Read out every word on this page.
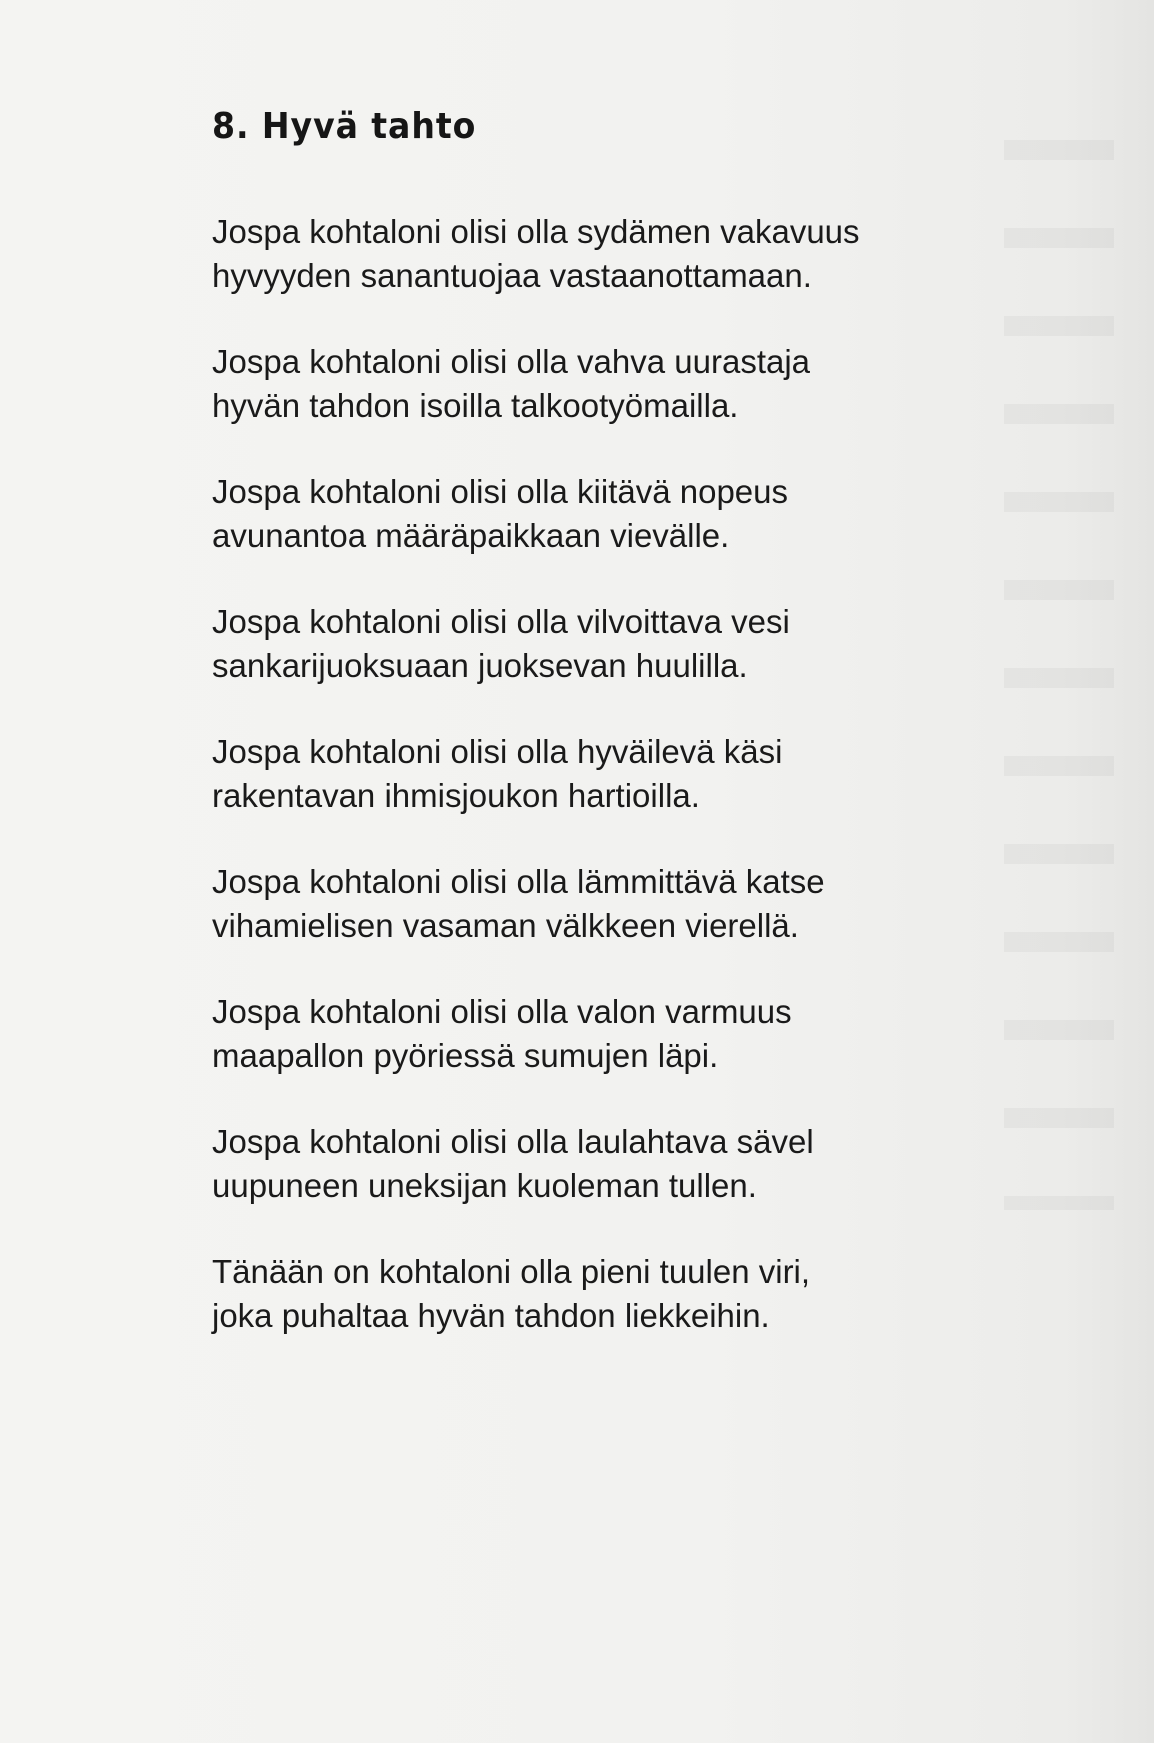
8. Hyvä tahto

Jospa kohtaloni olisi olla sydämen vakavuus
hyvyyden sanantuojaa vastaanottamaan.

Jospa kohtaloni olisi olla vahva uurastaja
hyvän tahdon isoilla talkootyömailla.

Jospa kohtaloni olisi olla kiitävä nopeus
avunantoa määräpaikkaan vievälle.

Jospa kohtaloni olisi olla vilvoittava vesi
sankarijuoksuaan juoksevan huulilla.

Jospa kohtaloni olisi olla hyväilevä käsi
rakentavan ihmisjoukon hartioilla.

Jospa kohtaloni olisi olla lämmittävä katse
vihamielisen vasaman välkkeen vierellä.

Jospa kohtaloni olisi olla valon varmuus
maapallon pyöriessä sumujen läpi.

Jospa kohtaloni olisi olla laulahtava sävel
uupuneen uneksijan kuoleman tullen.

Tänään on kohtaloni olla pieni tuulen viri,
joka puhaltaa hyvän tahdon liekkeihin.
